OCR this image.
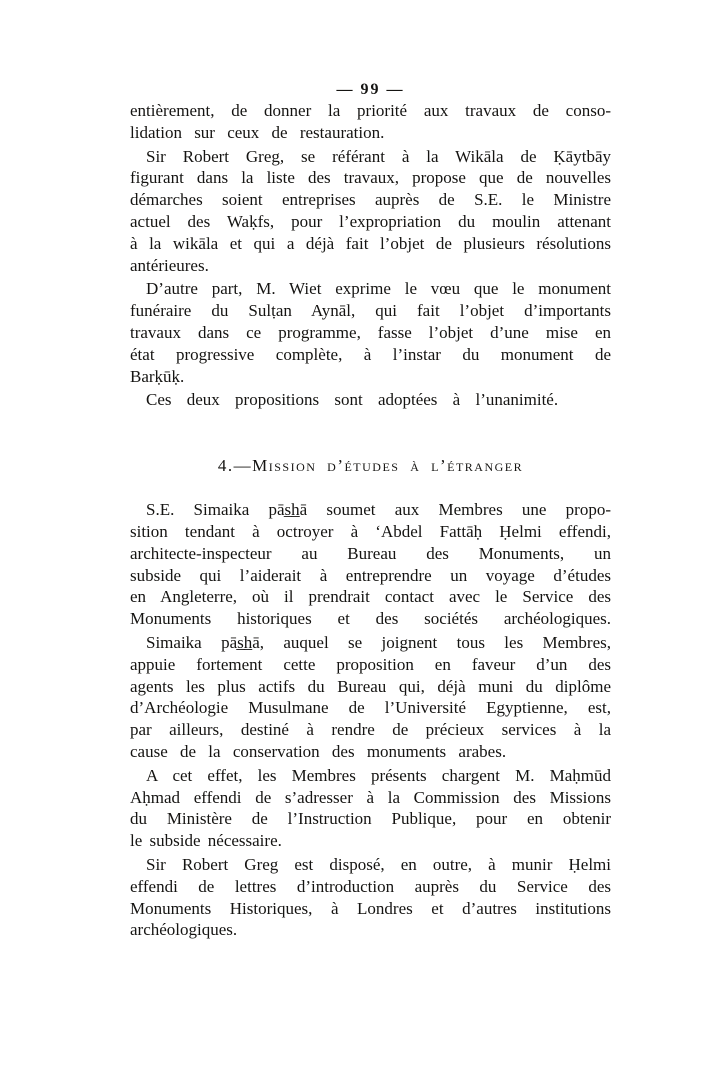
— 99 —
entièrement, de donner la priorité aux travaux de conso-
lidation sur ceux de restauration.
Sir Robert Greg, se référant à la Wikāla de Ḳāytbāy
figurant dans la liste des travaux, propose que de nouvelles
démarches soient entreprises auprès de S.E. le Ministre
actuel des Waḳfs, pour l’expropriation du moulin attenant
à la wikāla et qui a déjà fait l’objet de plusieurs résolutions
antérieures.
D’autre part, M. Wiet exprime le vœu que le monument
funéraire du Sulṭan Aynāl, qui fait l’objet d’importants
travaux dans ce programme, fasse l’objet d’une mise en
état progressive complète, à l’instar du monument de
Barḳūḳ.
Ces deux propositions sont adoptées à l’unanimité.
4.—Mission d’études à l’étranger
S.E. Simaika pās̲h̲ā soumet aux Membres une propo-
sition tendant à octroyer à ‘Abdel Fattāḥ Ḥelmi effendi,
architecte-inspecteur au Bureau des Monuments, un
subside qui l’aiderait à entreprendre un voyage d’études
en Angleterre, où il prendrait contact avec le Service des
Monuments historiques et des sociétés archéologiques.
Simaika pās̲h̲ā, auquel se joignent tous les Membres,
appuie fortement cette proposition en faveur d’un des
agents les plus actifs du Bureau qui, déjà muni du diplôme
d’Archéologie Musulmane de l’Université Egyptienne, est,
par ailleurs, destiné à rendre de précieux services à la
cause de la conservation des monuments arabes.
A cet effet, les Membres présents chargent M. Maḥmūd
Aḥmad effendi de s’adresser à la Commission des Missions
du Ministère de l’Instruction Publique, pour en obtenir
le subside nécessaire.
Sir Robert Greg est disposé, en outre, à munir Ḥelmi
effendi de lettres d’introduction auprès du Service des
Monuments Historiques, à Londres et d’autres institutions
archéologiques.
